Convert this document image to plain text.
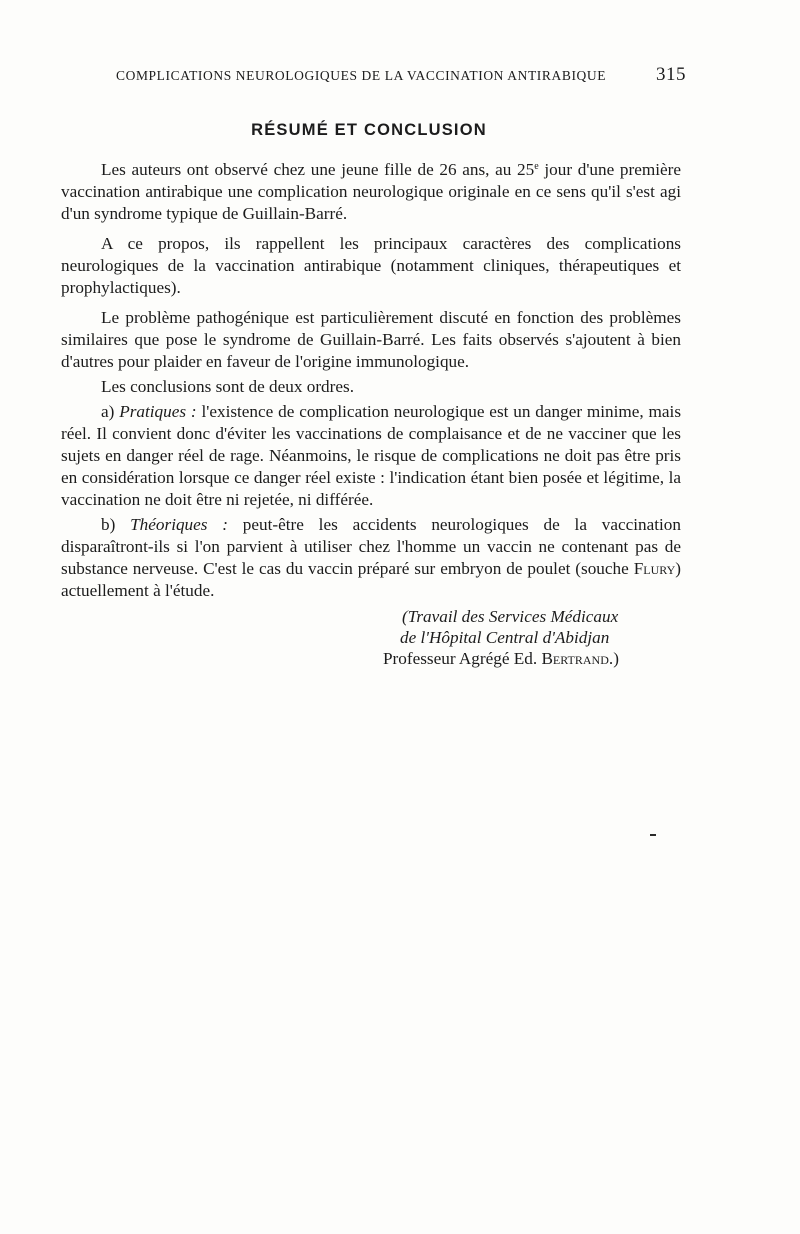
COMPLICATIONS NEUROLOGIQUES DE LA VACCINATION ANTIRABIQUE	315
RÉSUMÉ ET CONCLUSION

Les auteurs ont observé chez une jeune fille de 26 ans, au 25e jour d'une première vaccination antirabique une complication neurologique originale en ce sens qu'il s'est agi d'un syndrome typique de Guillain-Barré.

A ce propos, ils rappellent les principaux caractères des complications neurologiques de la vaccination antirabique (notamment cliniques, thérapeutiques et prophylactiques).

Le problème pathogénique est particulièrement discuté en fonction des problèmes similaires que pose le syndrome de Guillain-Barré. Les faits observés s'ajoutent à bien d'autres pour plaider en faveur de l'origine immunologique.

Les conclusions sont de deux ordres.

a) Pratiques : l'existence de complication neurologique est un danger minime, mais réel. Il convient donc d'éviter les vaccinations de complaisance et de ne vacciner que les sujets en danger réel de rage. Néanmoins, le risque de complications ne doit pas être pris en considération lorsque ce danger réel existe : l'indication étant bien posée et légitime, la vaccination ne doit être ni rejetée, ni différée.

b) Théoriques : peut-être les accidents neurologiques de la vaccination disparaîtront-ils si l'on parvient à utiliser chez l'homme un vaccin ne contenant pas de substance nerveuse. C'est le cas du vaccin préparé sur embryon de poulet (souche Flury) actuellement à l'étude.

(Travail des Services Médicaux
de l'Hôpital Central d'Abidjan
Professeur Agrégé Ed. Bertrand.)
